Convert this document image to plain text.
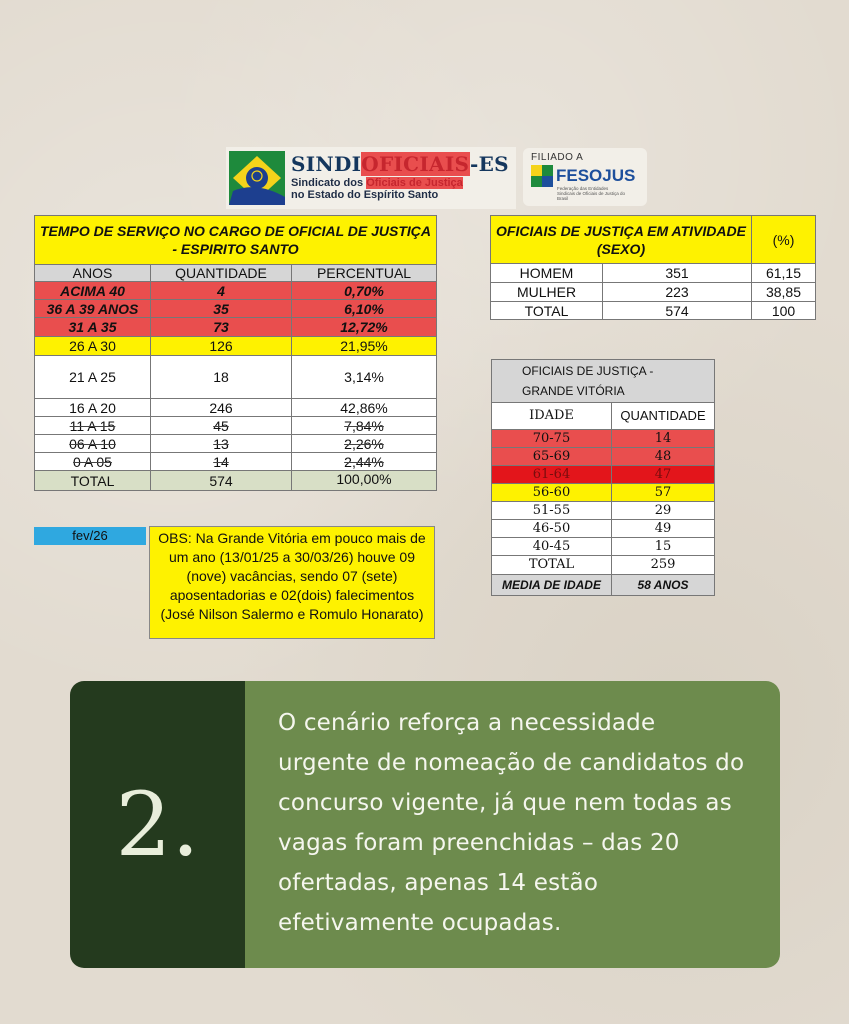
SINDIOFICIAIS-ES
Sindicato dos Oficiais de Justiça
no Estado do Espírito Santo
FILIADO A
FESOJUS
Federação das Entidades Sindicais de Oficiais de Justiça do Brasil
TEMPO DE SERVIÇO NO CARGO DE OFICIAL DE JUSTIÇA - ESPIRITO SANTO		
ANOS	QUANTIDADE	PERCENTUAL
ACIMA 40	4	0,70%
36 A 39 ANOS	35	6,10%
31 A 35	73	12,72%
26 A 30	126	21,95%
21 A 25	18	3,14%
16 A 20	246	42,86%
11 A 15	45	7,84%
06 A 10	13	2,26%
0 A 05	14	2,44%
TOTAL	574	100,00%
OFICIAIS DE JUSTIÇA EM ATIVIDADE (SEXO)		(%)
HOMEM	351	61,15
MULHER	223	38,85
TOTAL	574	100
OFICIAIS DE JUSTIÇA -
GRANDE VITÓRIA	
IDADE	QUANTIDADE
70-75	14
65-69	48
61-64	47
56-60	57
51-55	29
46-50	49
40-45	15
TOTAL	259
MEDIA DE IDADE	58 ANOS
fev/26	OBS: Na Grande Vitória em pouco mais de um ano (13/01/25 a 30/03/26) houve 09 (nove) vacâncias, sendo 07 (sete) aposentadorias e 02(dois) falecimentos (José Nilson Salermo e Romulo Honarato)
2.
O cenário reforça a necessidade urgente de nomeação de candidatos do concurso vigente, já que nem todas as vagas foram preenchidas – das 20 ofertadas, apenas 14 estão efetivamente ocupadas.
